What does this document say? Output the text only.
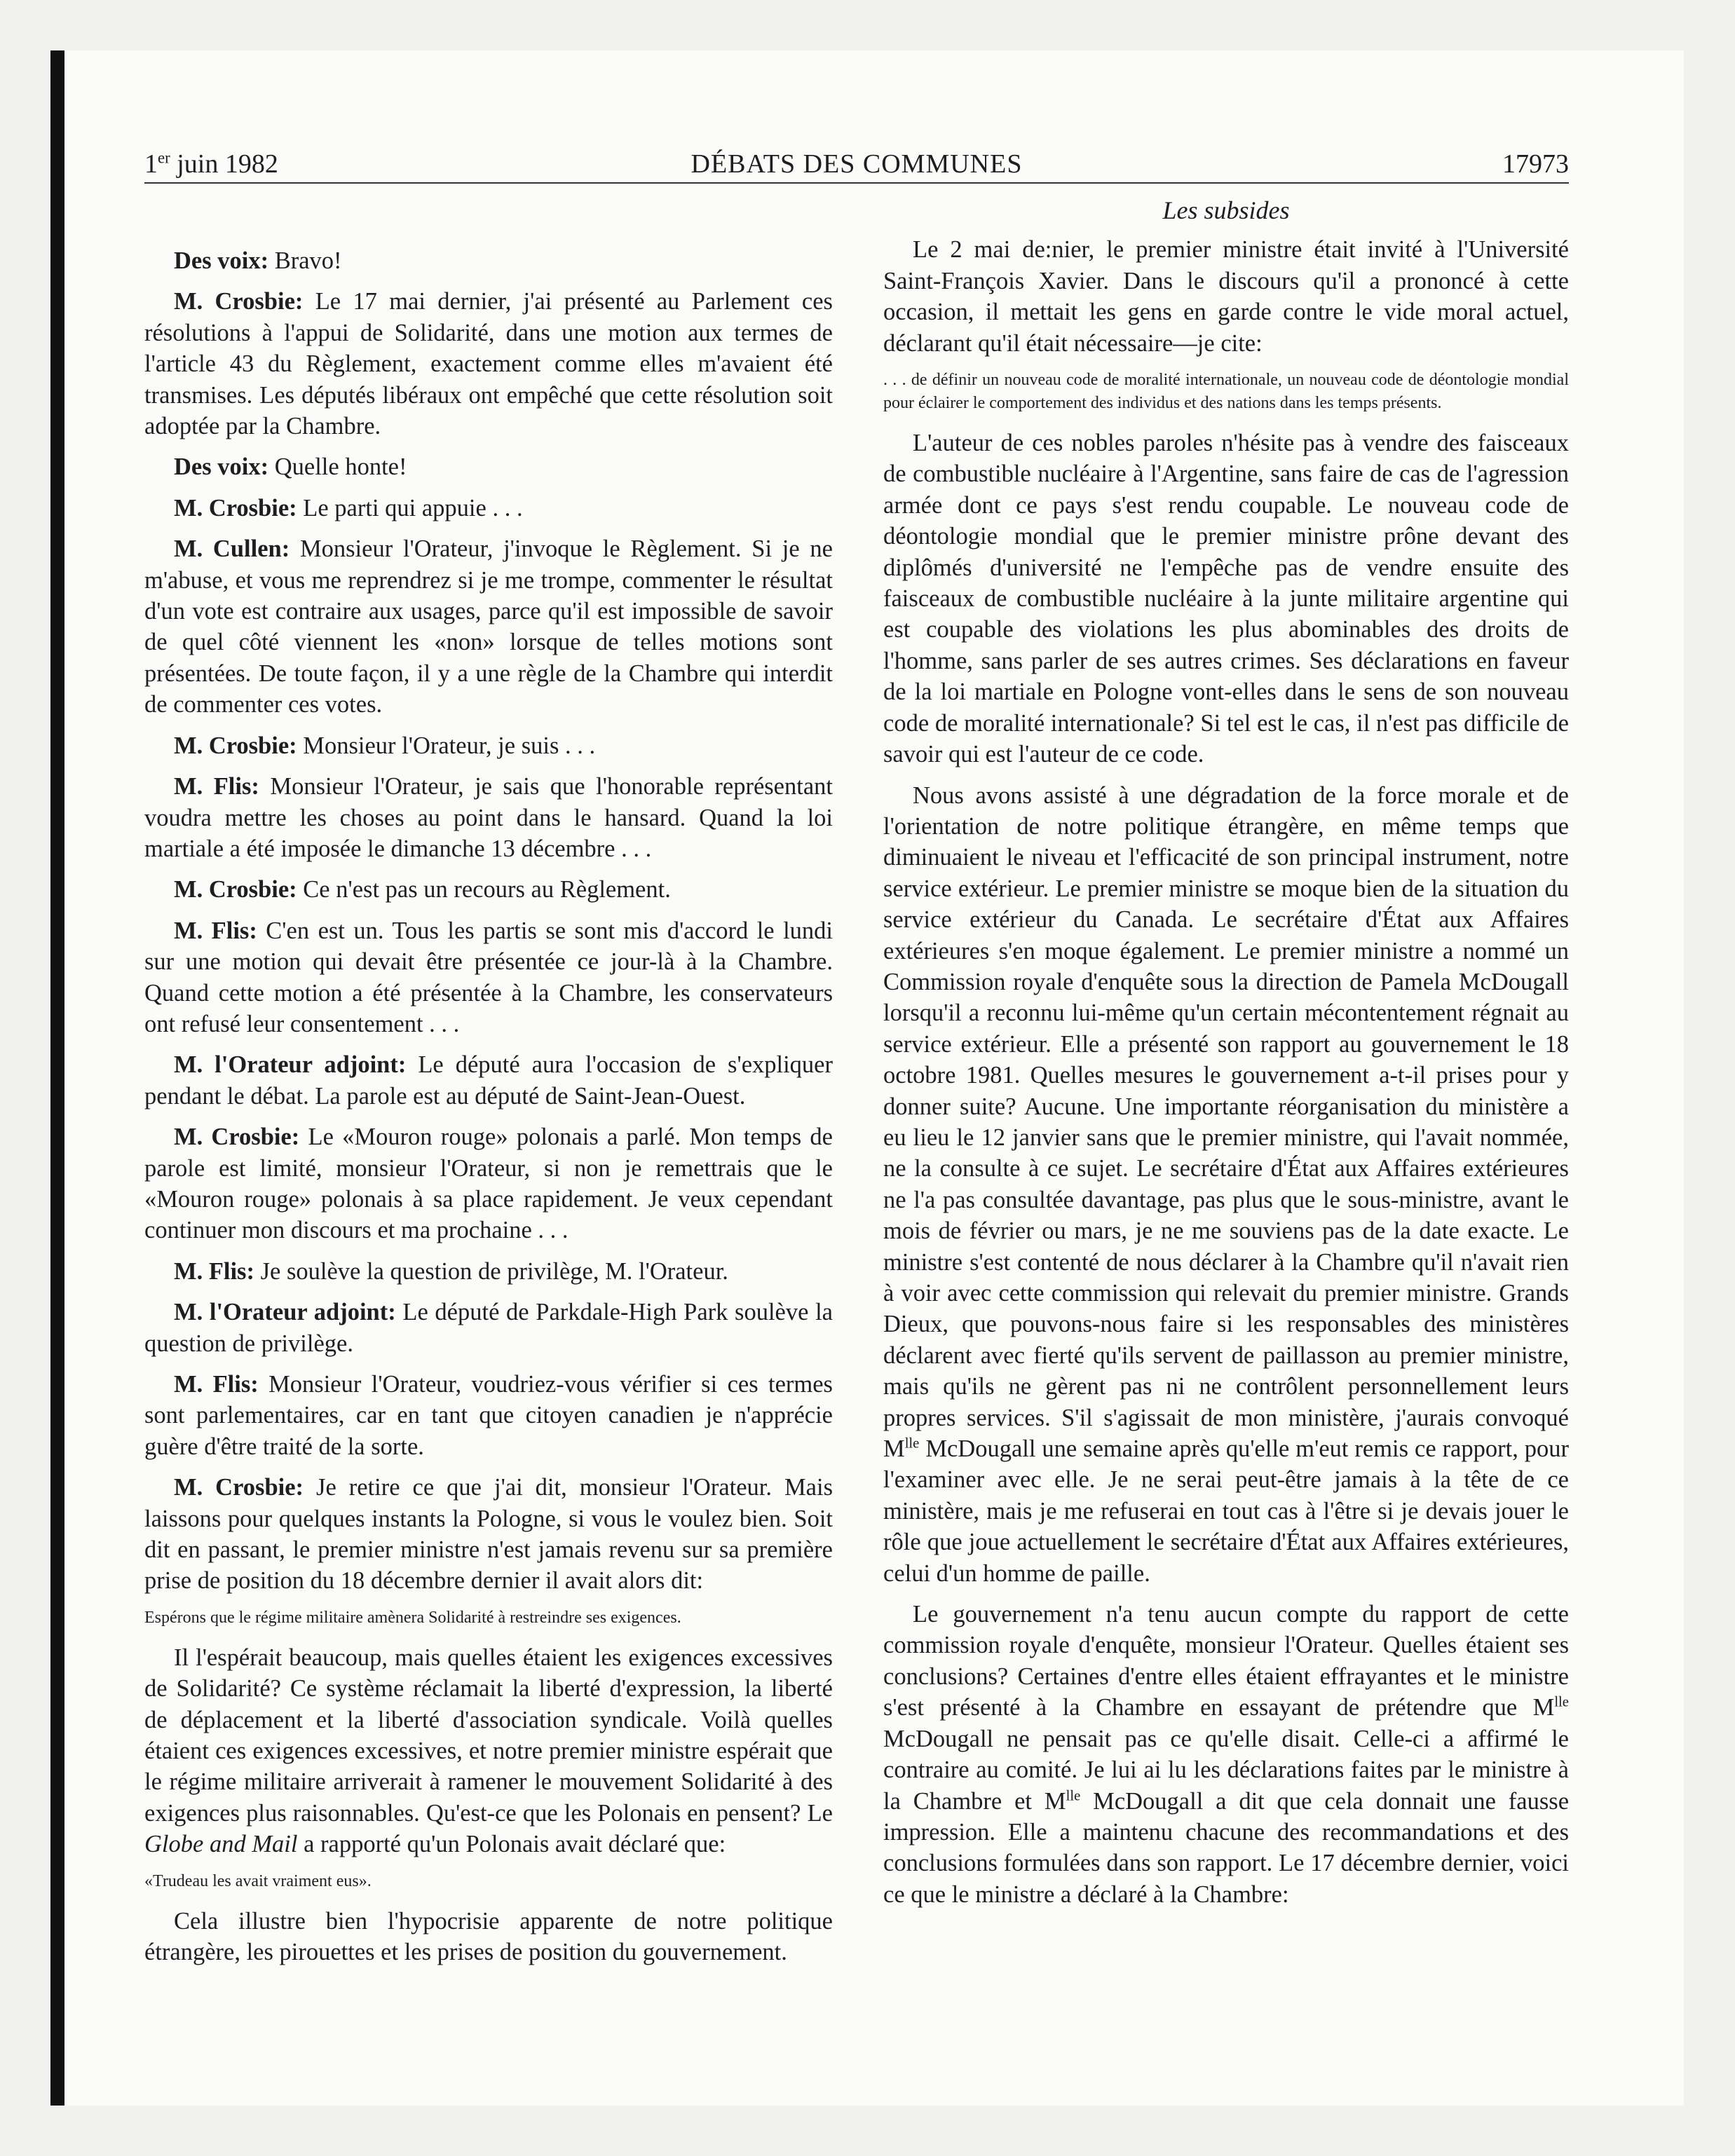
1er juin 1982	DÉBATS DES COMMUNES	17973

Des voix: Bravo!

M. Crosbie: Le 17 mai dernier, j'ai présenté au Parlement ces résolutions à l'appui de Solidarité, dans une motion aux termes de l'article 43 du Règlement, exactement comme elles m'avaient été transmises. Les députés libéraux ont empêché que cette résolution soit adoptée par la Chambre.

Des voix: Quelle honte!

M. Crosbie: Le parti qui appuie . . .

M. Cullen: Monsieur l'Orateur, j'invoque le Règlement. Si je ne m'abuse, et vous me reprendrez si je me trompe, commenter le résultat d'un vote est contraire aux usages, parce qu'il est impossible de savoir de quel côté viennent les «non» lorsque de telles motions sont présentées. De toute façon, il y a une règle de la Chambre qui interdit de commenter ces votes.

M. Crosbie: Monsieur l'Orateur, je suis . . .

M. Flis: Monsieur l'Orateur, je sais que l'honorable représentant voudra mettre les choses au point dans le hansard. Quand la loi martiale a été imposée le dimanche 13 décembre . . .

M. Crosbie: Ce n'est pas un recours au Règlement.

M. Flis: C'en est un. Tous les partis se sont mis d'accord le lundi sur une motion qui devait être présentée ce jour-là à la Chambre. Quand cette motion a été présentée à la Chambre, les conservateurs ont refusé leur consentement . . .

M. l'Orateur adjoint: Le député aura l'occasion de s'expliquer pendant le débat. La parole est au député de Saint-Jean-Ouest.

M. Crosbie: Le «Mouron rouge» polonais a parlé. Mon temps de parole est limité, monsieur l'Orateur, si non je remettrais que le «Mouron rouge» polonais à sa place rapidement. Je veux cependant continuer mon discours et ma prochaine . . .

M. Flis: Je soulève la question de privilège, M. l'Orateur.

M. l'Orateur adjoint: Le député de Parkdale-High Park soulève la question de privilège.

M. Flis: Monsieur l'Orateur, voudriez-vous vérifier si ces termes sont parlementaires, car en tant que citoyen canadien je n'apprécie guère d'être traité de la sorte.

M. Crosbie: Je retire ce que j'ai dit, monsieur l'Orateur. Mais laissons pour quelques instants la Pologne, si vous le voulez bien. Soit dit en passant, le premier ministre n'est jamais revenu sur sa première prise de position du 18 décembre dernier il avait alors dit:

Espérons que le régime militaire amènera Solidarité à restreindre ses exigences.

Il l'espérait beaucoup, mais quelles étaient les exigences excessives de Solidarité? Ce système réclamait la liberté d'expression, la liberté de déplacement et la liberté d'association syndicale. Voilà quelles étaient ces exigences excessives, et notre premier ministre espérait que le régime militaire arriverait à ramener le mouvement Solidarité à des exigences plus raisonnables. Qu'est-ce que les Polonais en pensent? Le Globe and Mail a rapporté qu'un Polonais avait déclaré que:

«Trudeau les avait vraiment eus».

Cela illustre bien l'hypocrisie apparente de notre politique étrangère, les pirouettes et les prises de position du gouvernement.

Les subsides

Le 2 mai de:nier, le premier ministre était invité à l'Université Saint-François Xavier. Dans le discours qu'il a prononcé à cette occasion, il mettait les gens en garde contre le vide moral actuel, déclarant qu'il était nécessaire—je cite:

. . . de définir un nouveau code de moralité internationale, un nouveau code de déontologie mondial pour éclairer le comportement des individus et des nations dans les temps présents.

L'auteur de ces nobles paroles n'hésite pas à vendre des faisceaux de combustible nucléaire à l'Argentine, sans faire de cas de l'agression armée dont ce pays s'est rendu coupable. Le nouveau code de déontologie mondial que le premier ministre prône devant des diplômés d'université ne l'empêche pas de vendre ensuite des faisceaux de combustible nucléaire à la junte militaire argentine qui est coupable des violations les plus abominables des droits de l'homme, sans parler de ses autres crimes. Ses déclarations en faveur de la loi martiale en Pologne vont-elles dans le sens de son nouveau code de moralité internationale? Si tel est le cas, il n'est pas difficile de savoir qui est l'auteur de ce code.

Nous avons assisté à une dégradation de la force morale et de l'orientation de notre politique étrangère, en même temps que diminuaient le niveau et l'efficacité de son principal instrument, notre service extérieur. Le premier ministre se moque bien de la situation du service extérieur du Canada. Le secrétaire d'État aux Affaires extérieures s'en moque également. Le premier ministre a nommé un Commission royale d'enquête sous la direction de Pamela McDougall lorsqu'il a reconnu lui-même qu'un certain mécontentement régnait au service extérieur. Elle a présenté son rapport au gouvernement le 18 octobre 1981. Quelles mesures le gouvernement a-t-il prises pour y donner suite? Aucune. Une importante réorganisation du ministère a eu lieu le 12 janvier sans que le premier ministre, qui l'avait nommée, ne la consulte à ce sujet. Le secrétaire d'État aux Affaires extérieures ne l'a pas consultée davantage, pas plus que le sous-ministre, avant le mois de février ou mars, je ne me souviens pas de la date exacte. Le ministre s'est contenté de nous déclarer à la Chambre qu'il n'avait rien à voir avec cette commission qui relevait du premier ministre. Grands Dieux, que pouvons-nous faire si les responsables des ministères déclarent avec fierté qu'ils servent de paillasson au premier ministre, mais qu'ils ne gèrent pas ni ne contrôlent personnellement leurs propres services. S'il s'agissait de mon ministère, j'aurais convoqué $M^{lle}$ McDougall une semaine après qu'elle m'eut remis ce rapport, pour l'examiner avec elle. Je ne serai peut-être jamais à la tête de ce ministère, mais je me refuserai en tout cas à l'être si je devais jouer le rôle que joue actuellement le secrétaire d'État aux Affaires extérieures, celui d'un homme de paille.

Le gouvernement n'a tenu aucun compte du rapport de cette commission royale d'enquête, monsieur l'Orateur. Quelles étaient ses conclusions? Certaines d'entre elles étaient effrayantes et le ministre s'est présenté à la Chambre en essayant de prétendre que $M^{lle}$ McDougall ne pensait pas ce qu'elle disait. Celle-ci a affirmé le contraire au comité. Je lui ai lu les déclarations faites par le ministre à la Chambre et $M^{lle}$ McDougall a dit que cela donnait une fausse impression. Elle a maintenu chacune des recommandations et des conclusions formulées dans son rapport. Le 17 décembre dernier, voici ce que le ministre a déclaré à la Chambre:
